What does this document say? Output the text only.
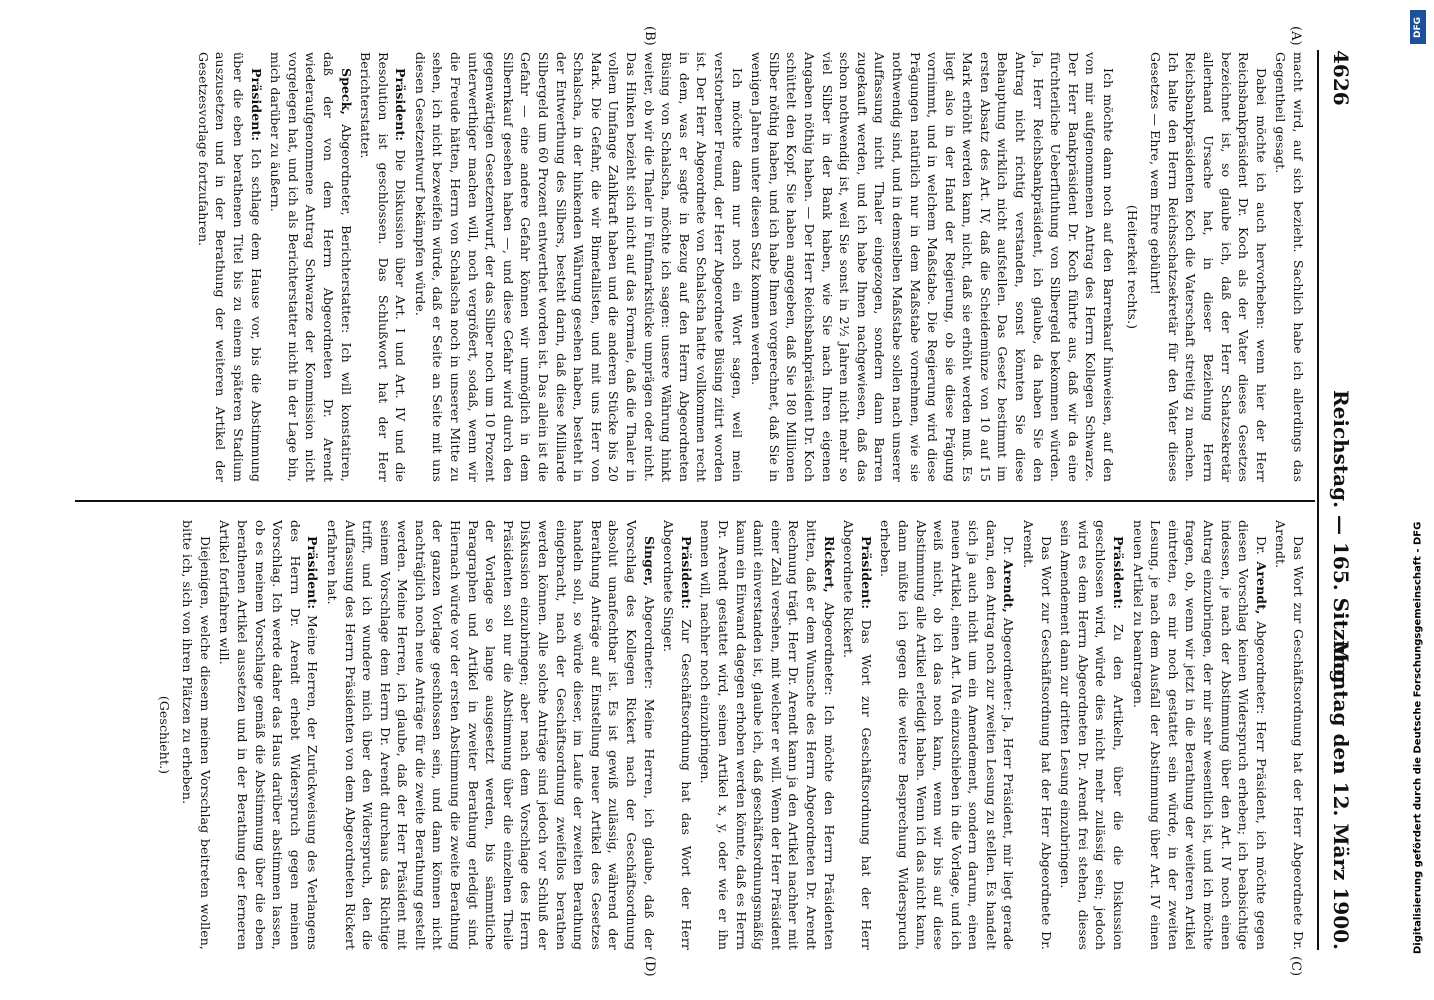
4626
Reichstag. — 165. Sitzung.
Montag den 12. März 1900.
(A)
(B)
(C)
(D)

macht wird, auf sich bezieht. Sachlich habe ich allerdings das Gegentheil gesagt.

Dabei möchte ich auch hervorheben: wenn hier der Herr Reichsbankpräsident Dr. Koch als der Vater dieses Gesetzes bezeichnet ist, so glaube ich, daß der Herr Schatzsekretär allerhand Ursache hat, in dieser Beziehung Herrn Reichsbankpräsidenten Koch die Vaterschaft streitig zu machen. Ich halte den Herrn Reichsschatzsekretär für den Vater dieses Gesetzes — Ehre, wem Ehre gebührt!

(Heiterkeit rechts.)

Ich möchte dann noch auf den Barrenkauf hinweisen, auf den von mir aufgenommenen Antrag des Herrn Kollegen Schwarze. Der Herr Bankpräsident Dr. Koch führte aus, daß wir da eine fürchterliche Ueberfluthung von Silbergeld bekommen würden. Ja, Herr Reichsbankpräsident, ich glaube, da haben Sie den Antrag nicht richtig verstanden, sonst könnten Sie diese Behauptung wirklich nicht aufstellen. Das Gesetz bestimmt im ersten Absatz des Art. IV, daß die Scheidemünze von 10 auf 15 Mark erhöht werden kann, nicht, daß sie erhöht werden muß. Es liegt also in der Hand der Regierung, ob sie diese Prägung vornimmt, und in welchem Maßstabe. Die Regierung wird diese Prägungen natürlich nur in dem Maßstabe vornehmen, wie sie nothwendig sind, und in demselben Maßstabe sollen nach unserer Auffassung nicht Thaler eingezogen, sondern dann Barren zugekauft werden, und ich habe Ihnen nachgewiesen, daß das schon nothwendig ist, weil Sie sonst in 2½ Jahren nicht mehr so viel Silber in der Bank haben, wie Sie nach Ihren eigenen Angaben nöthig haben. — Der Herr Reichsbankpräsident Dr. Koch schüttelt den Kopf. Sie haben angegeben, daß Sie 180 Millionen Silber nöthig haben, und ich habe Ihnen vorgerechnet, daß Sie in wenigen Jahren unter diesen Satz kommen werden.

Ich möchte dann nur noch ein Wort sagen, weil mein verstorbener Freund, der Herr Abgeordnete Büsing zitirt worden ist. Der Herr Abgeordnete von Schalscha hatte vollkommen recht in dem, was er sagte in Bezug auf den Herrn Abgeordneten Büsing von Schalscha, möchte ich sagen: unsere Währung hinkt weiter, ob wir die Thaler in Fünfmarkstücke umprägen oder nicht. Das Hinken bezieht sich nicht auf das Formale, daß die Thaler in vollem Umfange Zahlkraft haben und die anderen Stücke bis 20 Mark. Die Gefahr, die wir Bimetallisten, und mit uns Herr von Schalscha, in der hinkenden Währung gesehen haben, besteht in der Entwerthung des Silbers, besteht darin, daß diese Milliarde Silbergeld um 60 Prozent entwerthet worden ist. Das allein ist die Gefahr — eine andere Gefahr können wir unmöglich in dem Silbernkauf gesehen haben —, und diese Gefahr wird durch den gegenwärtigen Gesetzentwurf, der das Silber noch um 10 Prozent unterwerthiger machen will, noch vergrößert, sodaß, wenn wir die Freude hätten, Herrn von Schalscha noch in unserer Mitte zu sehen, ich nicht bezweifeln würde, daß er Seite an Seite mit uns diesen Gesetzentwurf bekämpfen würde.

Präsident: Die Diskussion über Art. I und Art. IV und die Resolution ist geschlossen. Das Schlußwort hat der Herr Berichterstatter.

Speck, Abgeordneter, Berichterstatter: Ich will konstatiren, daß der von dem Herrn Abgeordneten Dr. Arendt wiederaufgenommene Antrag Schwarze der Kommission nicht vorgelegen hat, und ich als Berichterstatter nicht in der Lage bin, mich darüber zu äußern.

Präsident: Ich schlage dem Hause vor, bis die Abstimmung über die eben berathenen Titel bis zu einem späteren Stadium auszusetzen und in der Berathung der weiteren Artikel der Gesetzesvorlage fortzufahren.

Das Wort zur Geschäftsordnung hat der Herr Abgeordnete Dr. Arendt.

Dr. Arendt, Abgeordneter: Herr Präsident, ich möchte gegen diesen Vorschlag keinen Widerspruch erheben; ich beabsichtige indessen, je nach der Abstimmung über den Art. IV noch einen Antrag einzubringen, der mir sehr wesentlich ist, und ich möchte fragen, ob, wenn wir jetzt in die Berathung der weiteren Artikel eintreten, es mir noch gestattet sein würde, in der zweiten Lesung, je nach dem Ausfall der Abstimmung über Art. IV einen neuen Artikel zu beantragen.

Präsident: Zu den Artikeln, über die die Diskussion geschlossen wird, würde dies nicht mehr zulässig sein; jedoch wird es dem Herrn Abgeordneten Dr. Arendt frei stehen, dieses sein Amendement dann zur dritten Lesung einzubringen.

Das Wort zur Geschäftsordnung hat der Herr Abgeordnete Dr. Arendt.

Dr. Arendt, Abgeordneter: Ja, Herr Präsident, mir liegt gerade daran, den Antrag noch zur zweiten Lesung zu stellen. Es handelt sich ja auch nicht um ein Amendement, sondern darum, einen neuen Artikel, einen Art. IVa einzuschieben in die Vorlage, und ich weiß nicht, ob ich das noch kann, wenn wir bis auf diese Abstimmung alle Artikel erledigt haben. Wenn ich das nicht kann, dann müßte ich gegen die weitere Besprechung Widerspruch erheben.

Präsident: Das Wort zur Geschäftsordnung hat der Herr Abgeordnete Rickert.

Rickert, Abgeordneter: Ich möchte den Herrn Präsidenten bitten, daß er dem Wunsche des Herrn Abgeordneten Dr. Arendt Rechnung trägt. Herr Dr. Arendt kann ja den Artikel nachher mit einer Zahl versehen, mit welcher er will. Wenn der Herr Präsident damit einverstanden ist, glaube ich, daß geschäftsordnungsmäßig kaum ein Einwand dagegen erhoben werden könnte, daß es Herrn Dr. Arendt gestattet wird, seinen Artikel x, y, oder wie er ihn nennen will, nachher noch einzubringen.

Präsident: Zur Geschäftsordnung hat das Wort der Herr Abgeordnete Singer.

Singer, Abgeordneter: Meine Herren, ich glaube, daß der Vorschlag des Kollegen Rickert nach der Geschäftsordnung absolut unanfechtbar ist. Es ist gewiß zulässig, während der Berathung Anträge auf Einstellung neuer Artikel des Gesetzes handeln soll, so würde dieser, im Laufe der zweiten Berathung eingebracht, nach der Geschäftsordnung zweifellos berathen werden können. Alle solche Anträge sind jedoch vor Schluß der Diskussion einzubringen; aber nach dem Vorschlage des Herrn Präsidenten soll nur die Abstimmung über die einzelnen Theile der Vorlage so lange ausgesetzt werden, bis sämmtliche Paragraphen und Artikel in zweiter Berathung erledigt sind. Hiernach würde vor der ersten Abstimmung die zweite Berathung der ganzen Vorlage geschlossen sein, und dann können nicht nachträglich noch neue Anträge für die zweite Berathung gestellt werden. Meine Herren, ich glaube, daß der Herr Präsident mit seinem Vorschlage dem Herrn Dr. Arendt durchaus das Richtige trifft, und ich wundere mich über den Widerspruch, den die Auffassung des Herrn Präsidenten von dem Abgeordneten Rickert erfahren hat.

Präsident: Meine Herren, der Zurückweisung des Verlangens des Herrn Dr. Arendt erhebt Widerspruch gegen meinen Vorschlag. Ich werde daher das Haus darüber abstimmen lassen, ob es meinem Vorschlage gemäß die Abstimmung über die eben berathenen Artikel aussetzen und in der Berathung der ferneren Artikel fortfahren will.

Diejenigen, welche diesem meinen Vorschlag beitreten wollen, bitte ich, sich von ihren Plätzen zu erheben.

(Geschieht.)

DFG
Digitalisierung gefördert durch die Deutsche Forschungsgemeinschaft - DFG
